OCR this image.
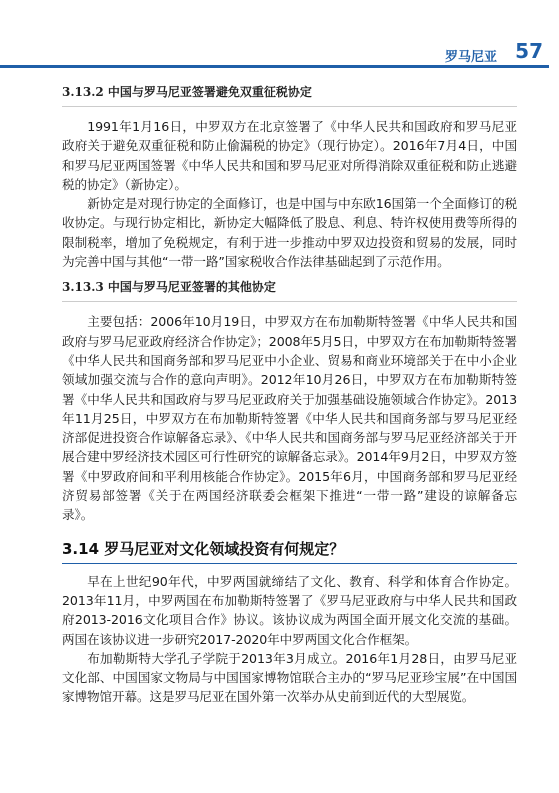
罗马尼亚 57

3.13.2 中国与罗马尼亚签署避免双重征税协定

1991年1月16日，中罗双方在北京签署了《中华人民共和国政府和罗马尼亚政府关于避免双重征税和防止偷漏税的协定》（现行协定）。2016年7月4日，中国和罗马尼亚两国签署《中华人民共和国和罗马尼亚对所得消除双重征税和防止逃避税的协定》（新协定）。

新协定是对现行协定的全面修订，也是中国与中东欧16国第一个全面修订的税收协定。与现行协定相比，新协定大幅降低了股息、利息、特许权使用费等所得的限制税率，增加了免税规定，有利于进一步推动中罗双边投资和贸易的发展，同时为完善中国与其他“一带一路”国家税收合作法律基础起到了示范作用。

3.13.3 中国与罗马尼亚签署的其他协定

主要包括：2006年10月19日，中罗双方在布加勒斯特签署《中华人民共和国政府与罗马尼亚政府经济合作协定》；2008年5月5日，中罗双方在布加勒斯特签署《中华人民共和国商务部和罗马尼亚中小企业、贸易和商业环境部关于在中小企业领域加强交流与合作的意向声明》。2012年10月26日，中罗双方在布加勒斯特签署《中华人民共和国政府与罗马尼亚政府关于加强基础设施领域合作协定》。2013年11月25日，中罗双方在布加勒斯特签署《中华人民共和国商务部与罗马尼亚经济部促进投资合作谅解备忘录》、《中华人民共和国商务部与罗马尼亚经济部关于开展合建中罗经济技术园区可行性研究的谅解备忘录》。2014年9月2日，中罗双方签署《中罗政府间和平利用核能合作协定》。2015年6月，中国商务部和罗马尼亚经济贸易部签署《关于在两国经济联委会框架下推进“一带一路”建设的谅解备忘录》。

3.14 罗马尼亚对文化领域投资有何规定？

早在上世纪90年代，中罗两国就缔结了文化、教育、科学和体育合作协定。2013年11月，中罗两国在布加勒斯特签署了《罗马尼亚政府与中华人民共和国政府2013-2016文化项目合作》协议。该协议成为两国全面开展文化交流的基础。两国在该协议进一步研究2017-2020年中罗两国文化合作框架。

布加勒斯特大学孔子学院于2013年3月成立。2016年1月28日，由罗马尼亚文化部、中国国家文物局与中国国家博物馆联合主办的“罗马尼亚珍宝展”在中国国家博物馆开幕。这是罗马尼亚在国外第一次举办从史前到近代的大型展览。
